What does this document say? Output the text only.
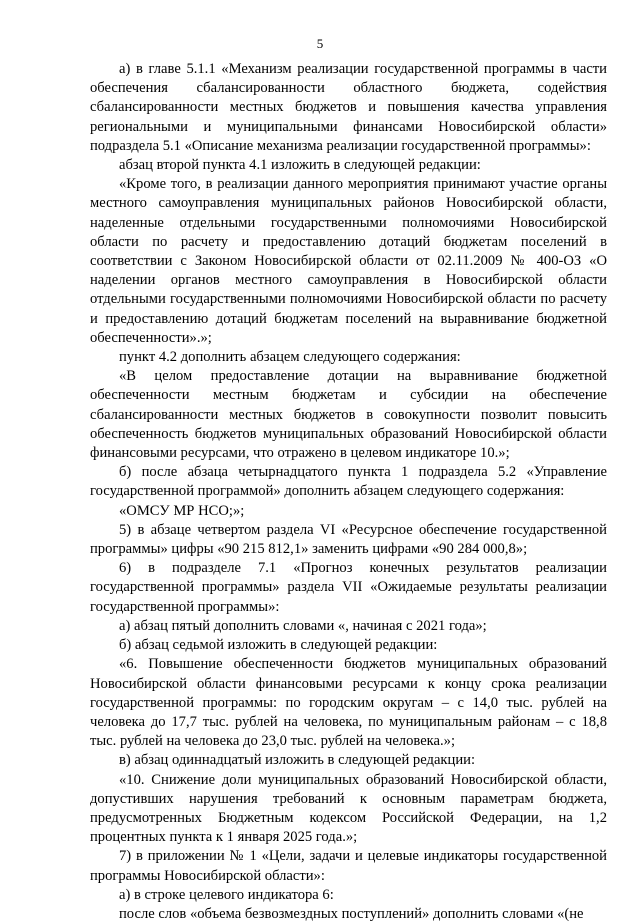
5

а) в главе 5.1.1 «Механизм реализации государственной программы в части обеспечения сбалансированности областного бюджета, содействия сбалансированности местных бюджетов и повышения качества управления региональными и муниципальными финансами Новосибирской области» подраздела 5.1 «Описание механизма реализации государственной программы»:

абзац второй пункта 4.1 изложить в следующей редакции:

«Кроме того, в реализации данного мероприятия принимают участие органы местного самоуправления муниципальных районов Новосибирской области, наделенные отдельными государственными полномочиями Новосибирской области по расчету и предоставлению дотаций бюджетам поселений в соответствии с Законом Новосибирской области от 02.11.2009 № 400-ОЗ «О наделении органов местного самоуправления в Новосибирской области отдельными государственными полномочиями Новосибирской области по расчету и предоставлению дотаций бюджетам поселений на выравнивание бюджетной обеспеченности».»;

пункт 4.2 дополнить абзацем следующего содержания:

«В целом предоставление дотации на выравнивание бюджетной обеспеченности местным бюджетам и субсидии на обеспечение сбалансированности местных бюджетов в совокупности позволит повысить обеспеченность бюджетов муниципальных образований Новосибирской области финансовыми ресурсами, что отражено в целевом индикаторе 10.»;

б) после абзаца четырнадцатого пункта 1 подраздела 5.2 «Управление государственной программой» дополнить абзацем следующего содержания:

«ОМСУ МР НСО;»;

5) в абзаце четвертом раздела VI «Ресурсное обеспечение государственной программы» цифры «90 215 812,1» заменить цифрами «90 284 000,8»;

6) в подразделе 7.1 «Прогноз конечных результатов реализации государственной программы» раздела VII «Ожидаемые результаты реализации государственной программы»:

а) абзац пятый дополнить словами «, начиная с 2021 года»;

б) абзац седьмой изложить в следующей редакции:

«6. Повышение обеспеченности бюджетов муниципальных образований Новосибирской области финансовыми ресурсами к концу срока реализации государственной программы: по городским округам – с 14,0 тыс. рублей на человека до 17,7 тыс. рублей на человека, по муниципальным районам – с 18,8 тыс. рублей на человека до 23,0 тыс. рублей на человека.»;

в) абзац одиннадцатый изложить в следующей редакции:

«10. Снижение доли муниципальных образований Новосибирской области, допустивших нарушения требований к основным параметрам бюджета, предусмотренных Бюджетным кодексом Российской Федерации, на 1,2 процентных пункта к 1 января 2025 года.»;

7) в приложении № 1 «Цели, задачи и целевые индикаторы государственной программы Новосибирской области»:

а) в строке целевого индикатора 6:

после слов «объема безвозмездных поступлений» дополнить словами «(не
